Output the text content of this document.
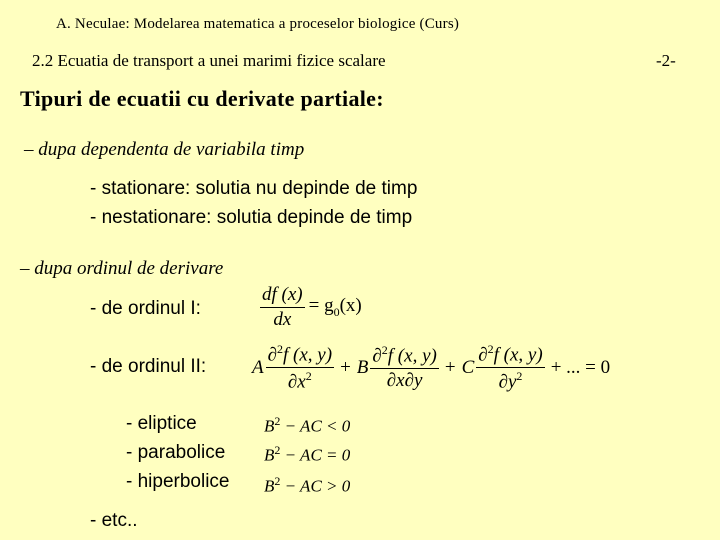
A. Neculae: Modelarea matematica a proceselor biologice (Curs)
2.2 Ecuatia de transport a unei marimi fizice scalare	-2-
Tipuri de ecuatii cu derivate partiale:
– dupa dependenta de variabila timp
- stationare: solutia nu depinde de timp
- nestationare: solutia depinde de timp
– dupa ordinul de derivare
- de ordinul I:	$\frac{df (x)}{dx} = g_0(x)$
- de ordinul II: A $\frac{\partial^2f (x, y)}{\partial x^2} + B \frac{\partial^2f (x, y)}{\partial x\partial y} + C \frac{\partial^2f (x, y)}{\partial y^2}$ + ... = 0
- eliptice	$B^2$ − AC < 0
- parabolice $B^2$ − AC = 0
- hiperbolice $B^2$ − AC > 0
- etc..
